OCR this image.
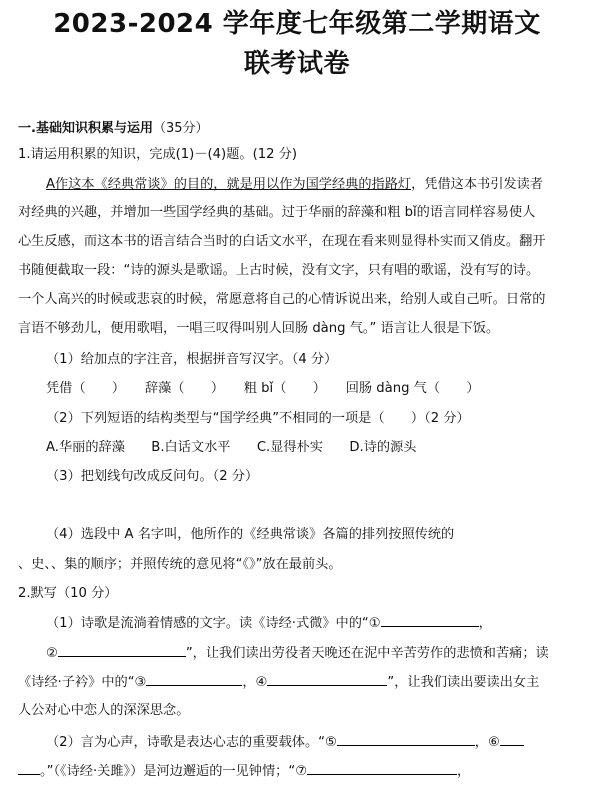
2023-2024 学年度七年级第二学期语文
联考试卷
一.基础知识积累与运用（35分）
1.请运用积累的知识，完成(1)－(4)题。(12 分)
A作这本《经典常谈》的目的，就是用以作为国学经典的指路灯，凭借这本书引发读者
对经典的兴趣，并增加一些国学经典的基础。过于华丽的辞藻和粗 bǐ的语言同样容易使人
心生反感，而这本书的语言结合当时的白话文水平，在现在看来则显得朴实而又俏皮。翻开
书随便截取一段：“诗的源头是歌谣。上古时候，没有文字，只有唱的歌谣，没有写的诗。
一个人高兴的时候或悲哀的时候，常愿意将自己的心情诉说出来，给别人或自己听。日常的
言语不够劲儿，便用歌唱，一唱三叹得叫别人回肠 dàng 气。” 语言让人很是下饭。
（1）给加点的字注音，根据拼音写汉字。（4 分）
凭借（　　）　　辞藻（　　）　　粗 bǐ（　　）　　回肠 dàng 气（　　）
（2）下列短语的结构类型与“国学经典”不相同的一项是（　　）（2 分）
A.华丽的辞藻　　B.白话文水平　　C.显得朴实　　D.诗的源头
（3）把划线句改成反问句。（2 分）
（4）选段中 A 名字叫，他所作的《经典常谈》各篇的排列按照传统的
、史、、集的顺序；并照传统的意见将“《》”放在最前头。
2.默写（10 分）
（1）诗歌是流淌着情感的文字。读《诗经·式微》中的“①	，
②	”，让我们读出劳役者天晚还在泥中辛苦劳作的悲愤和苦痛；读
《诗经·子衿》中的“③	，④	”，让我们读出要读出女主
人公对心中恋人的深深思念。
（2）言为心声，诗歌是表达心志的重要载体。“⑤	，⑥
。”（《诗经·关雎》）是河边邂逅的一见钟情；“⑦	，
